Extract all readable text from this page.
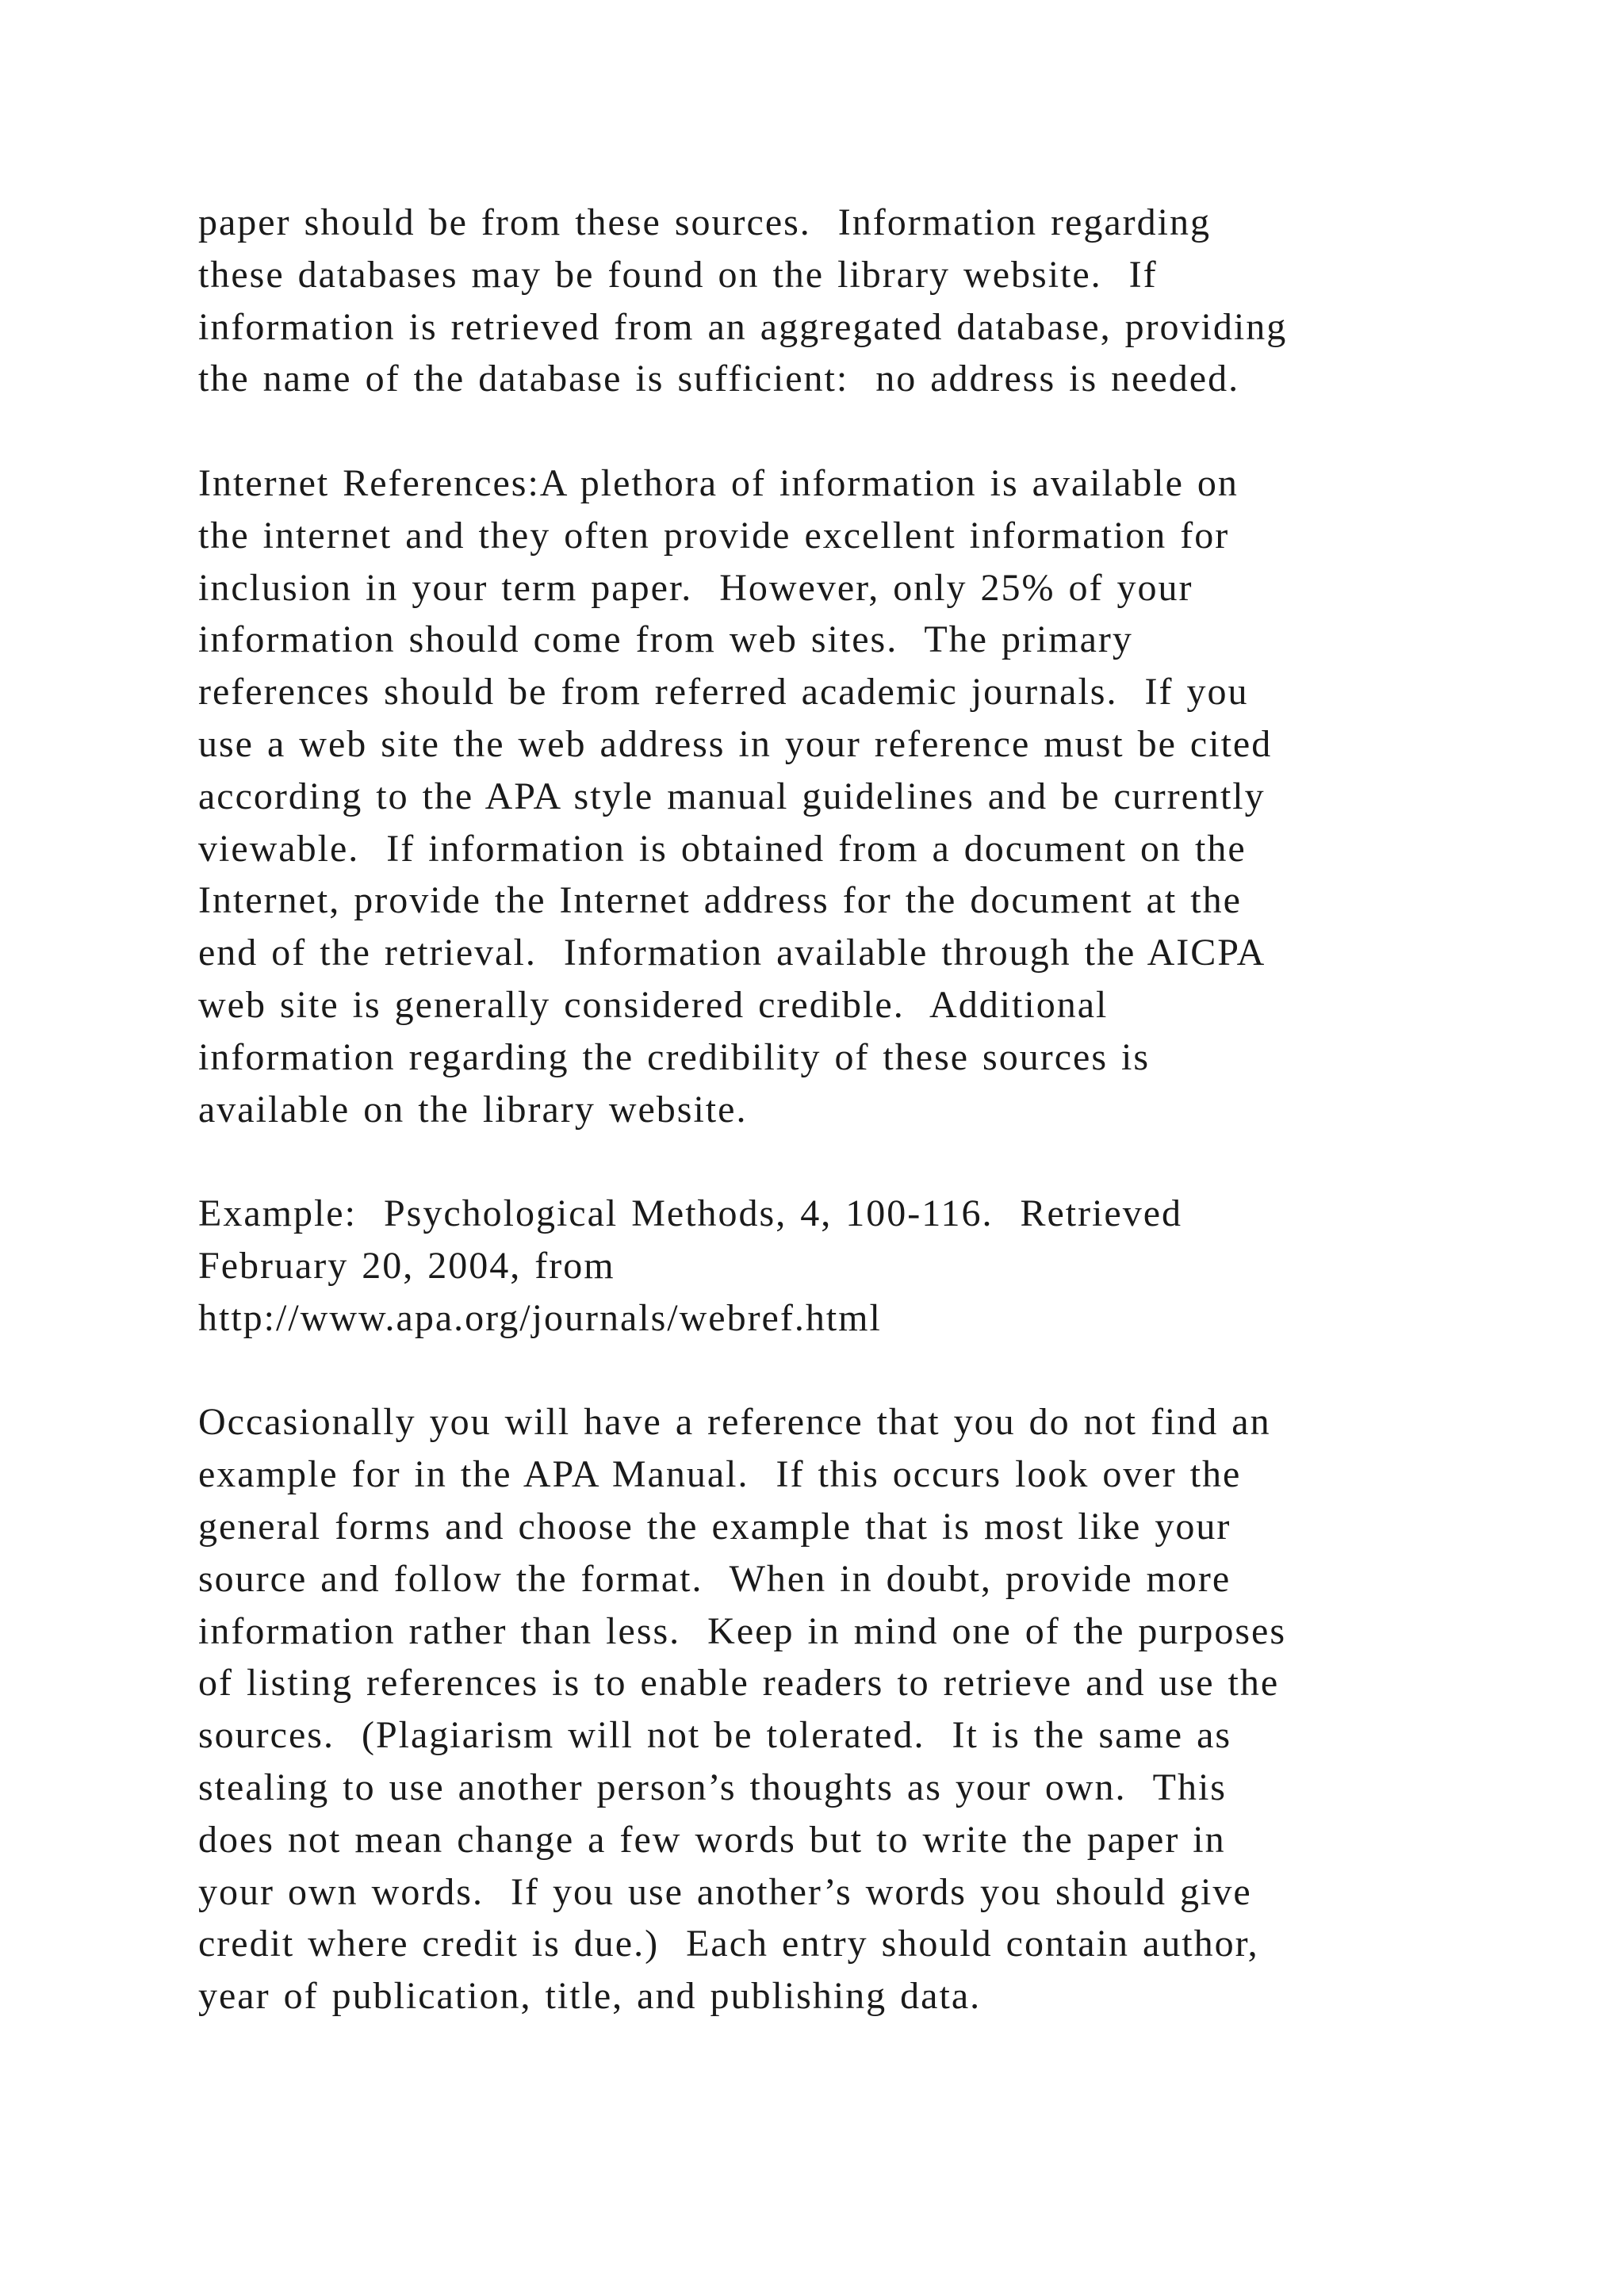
paper should be from these sources.  Information regarding
these databases may be found on the library website.  If
information is retrieved from an aggregated database, providing
the name of the database is sufficient:  no address is needed.

Internet References:A plethora of information is available on
the internet and they often provide excellent information for
inclusion in your term paper.  However, only 25% of your
information should come from web sites.  The primary
references should be from referred academic journals.  If you
use a web site the web address in your reference must be cited
according to the APA style manual guidelines and be currently
viewable.  If information is obtained from a document on the
Internet, provide the Internet address for the document at the
end of the retrieval.  Information available through the AICPA
web site is generally considered credible.  Additional
information regarding the credibility of these sources is
available on the library website.

Example:  Psychological Methods, 4, 100-116.  Retrieved
February 20, 2004, from
http://www.apa.org/journals/webref.html

Occasionally you will have a reference that you do not find an
example for in the APA Manual.  If this occurs look over the
general forms and choose the example that is most like your
source and follow the format.  When in doubt, provide more
information rather than less.  Keep in mind one of the purposes
of listing references is to enable readers to retrieve and use the
sources.  (Plagiarism will not be tolerated.  It is the same as
stealing to use another person’s thoughts as your own.  This
does not mean change a few words but to write the paper in
your own words.  If you use another’s words you should give
credit where credit is due.)  Each entry should contain author,
year of publication, title, and publishing data.
